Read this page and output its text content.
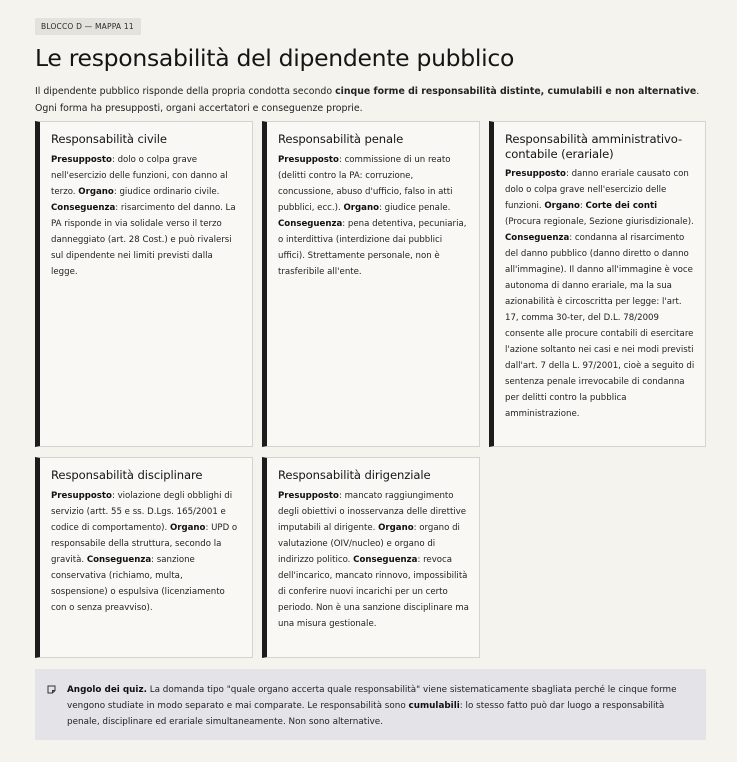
BLOCCO D — MAPPA 11
Le responsabilità del dipendente pubblico

Il dipendente pubblico risponde della propria condotta secondo cinque forme di responsabilità distinte, cumulabili e non alternative. Ogni forma ha presupposti, organi accertatori e conseguenze proprie.

Responsabilità civile

Presupposto: dolo o colpa grave nell'esercizio delle funzioni, con danno al terzo. Organo: giudice ordinario civile. Conseguenza: risarcimento del danno. La PA risponde in via solidale verso il terzo danneggiato (art. 28 Cost.) e può rivalersi sul dipendente nei limiti previsti dalla legge.

Responsabilità penale

Presupposto: commissione di un reato (delitti contro la PA: corruzione, concussione, abuso d'ufficio, falso in atti pubblici, ecc.). Organo: giudice penale. Conseguenza: pena detentiva, pecuniaria, o interdittiva (interdizione dai pubblici uffici). Strettamente personale, non è trasferibile all'ente.

Responsabilità amministrativo-contabile (erariale)

Presupposto: danno erariale causato con dolo o colpa grave nell'esercizio delle funzioni. Organo: Corte dei conti (Procura regionale, Sezione giurisdizionale). Conseguenza: condanna al risarcimento del danno pubblico (danno diretto o danno all'immagine). Il danno all'immagine è voce autonoma di danno erariale, ma la sua azionabilità è circoscritta per legge: l'art. 17, comma 30-ter, del D.L. 78/2009 consente alle procure contabili di esercitare l'azione soltanto nei casi e nei modi previsti dall'art. 7 della L. 97/2001, cioè a seguito di sentenza penale irrevocabile di condanna per delitti contro la pubblica amministrazione.

Responsabilità disciplinare

Presupposto: violazione degli obblighi di servizio (artt. 55 e ss. D.Lgs. 165/2001 e codice di comportamento). Organo: UPD o responsabile della struttura, secondo la gravità. Conseguenza: sanzione conservativa (richiamo, multa, sospensione) o espulsiva (licenziamento con o senza preavviso).

Responsabilità dirigenziale

Presupposto: mancato raggiungimento degli obiettivi o inosservanza delle direttive imputabili al dirigente. Organo: organo di valutazione (OIV/nucleo) e organo di indirizzo politico. Conseguenza: revoca dell'incarico, mancato rinnovo, impossibilità di conferire nuovi incarichi per un certo periodo. Non è una sanzione disciplinare ma una misura gestionale.

Angolo dei quiz. La domanda tipo "quale organo accerta quale responsabilità" viene sistematicamente sbagliata perché le cinque forme vengono studiate in modo separato e mai comparate. Le responsabilità sono cumulabili: lo stesso fatto può dar luogo a responsabilità penale, disciplinare ed erariale simultaneamente. Non sono alternative.
